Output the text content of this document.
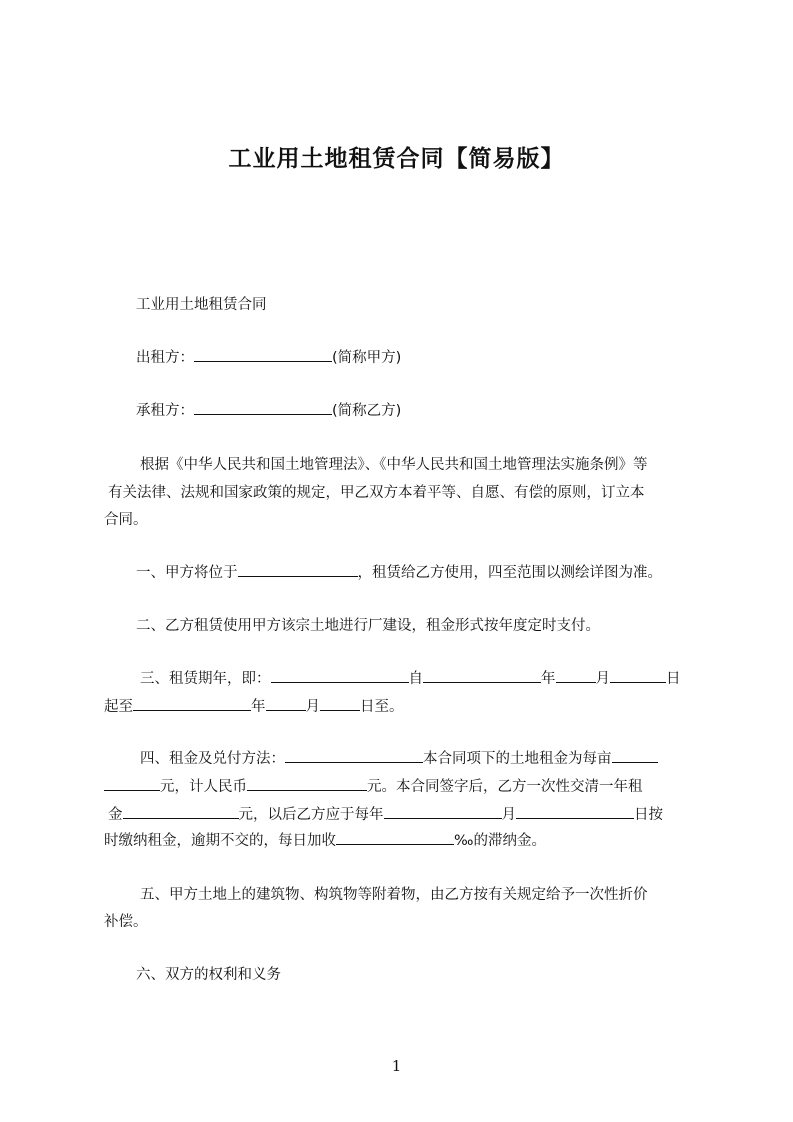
工业用土地租赁合同【简易版】
工业用土地租赁合同
出租方：	(简称甲方)
承租方：	(简称乙方)
根据《中华人民共和国土地管理法》、《中华人民共和国土地管理法实施条例》等
有关法律、法规和国家政策的规定，甲乙双方本着平等、自愿、有偿的原则，订立本
合同。
一、甲方将位于	，租赁给乙方使用，四至范围以测绘详图为准。
二、乙方租赁使用甲方该宗土地进行厂建设，租金形式按年度定时支付。
三、租赁期年，即：	自	年	月	日
起至	年	月	日至。
四、租金及兑付方法：	本合同项下的土地租金为每亩
元，计人民币	元。本合同签字后，乙方一次性交清一年租
金	元，以后乙方应于每年	月	日按
时缴纳租金，逾期不交的，每日加收	‰的滞纳金。
五、甲方土地上的建筑物、构筑物等附着物，由乙方按有关规定给予一次性折价
补偿。
六、双方的权利和义务
1
